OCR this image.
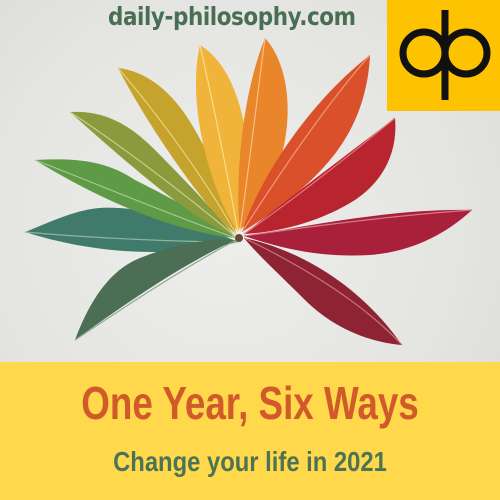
daily-philosophy.com
One Year, Six Ways
Change your life in 2021
